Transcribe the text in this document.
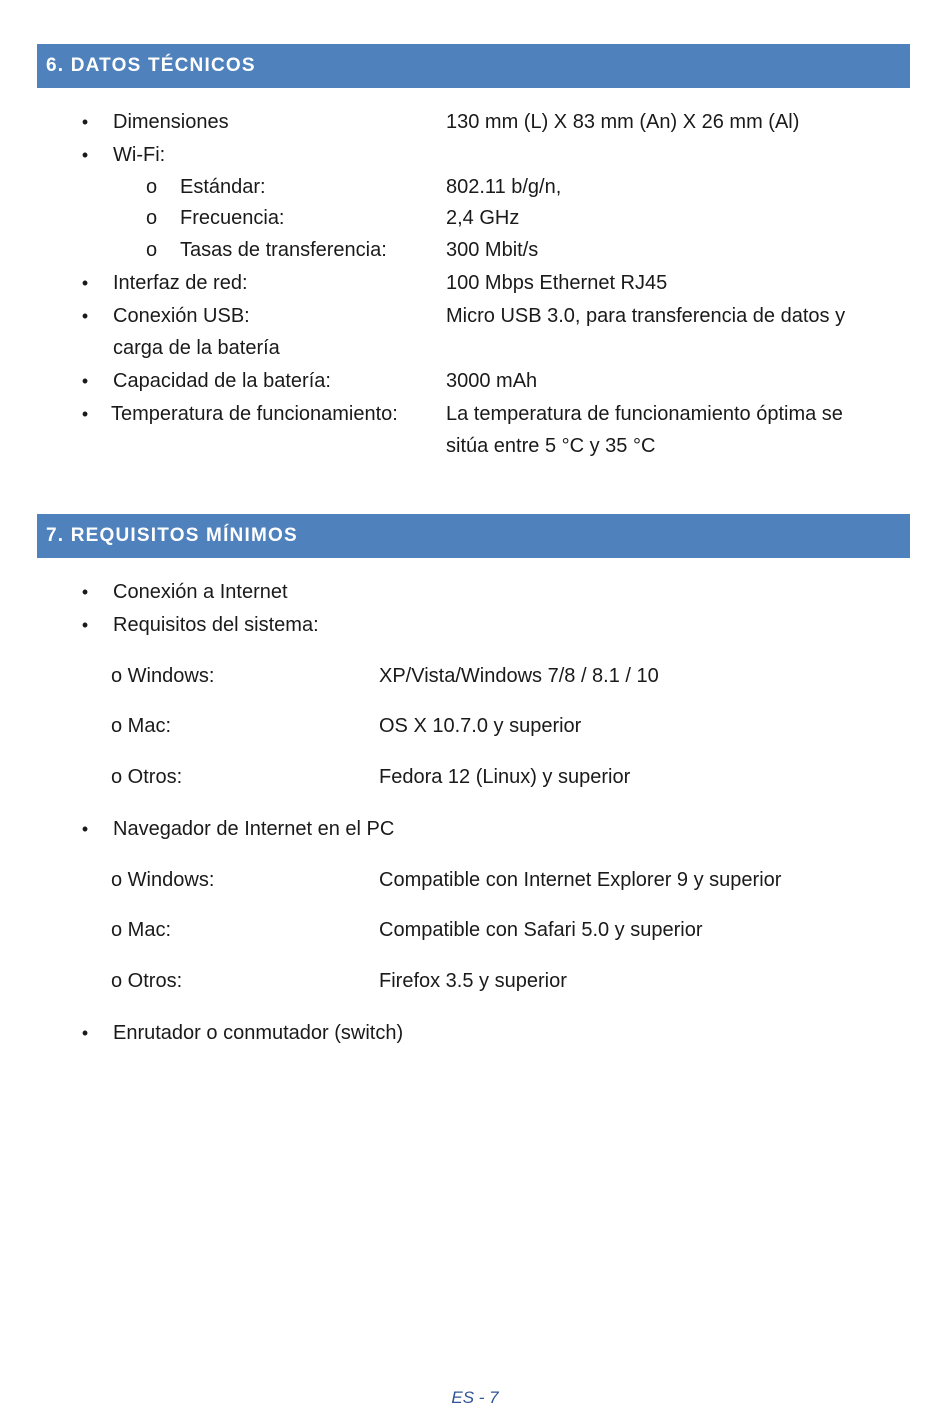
6. DATOS TÉCNICOS
• Dimensiones	130 mm (L) X 83 mm (An) X 26 mm (Al)
• Wi-Fi:
o Estándar:	802.11 b/g/n,
o Frecuencia:	2,4 GHz
o Tasas de transferencia:	300 Mbit/s
• Interfaz de red:	100 Mbps Ethernet RJ45
• Conexión USB:	Micro USB 3.0, para transferencia de datos y
carga de la batería
• Capacidad de la batería:	3000 mAh
• Temperatura de funcionamiento: La temperatura de funcionamiento óptima se
sitúa entre 5 °C y 35 °C
7. REQUISITOS MÍNIMOS
• Conexión a Internet
• Requisitos del sistema:
o Windows:	XP/Vista/Windows 7/8 / 8.1 / 10
o Mac:	OS X 10.7.0 y superior
o Otros:	Fedora 12 (Linux) y superior
• Navegador de Internet en el PC
o Windows:	Compatible con Internet Explorer 9 y superior
o Mac:	Compatible con Safari 5.0 y superior
o Otros:	Firefox 3.5 y superior
• Enrutador o conmutador (switch)
ES - 7
